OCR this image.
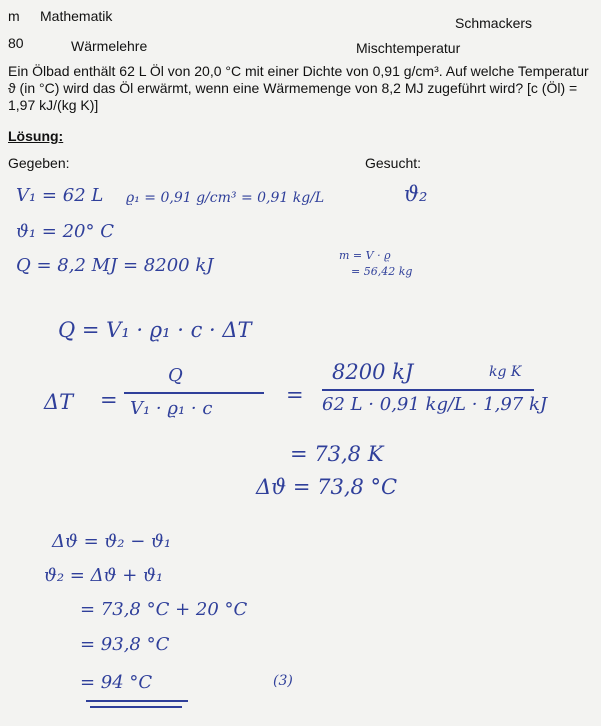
m Mathematik	Schmackers
80	Wärmelehre	Mischtemperatur
Ein Ölbad enthält 62 L Öl von 20,0 °C mit einer Dichte von 0,91 g/cm³. Auf welche Temperatur ϑ (in °C) wird das Öl erwärmt, wenn eine Wärmemenge von 8,2 MJ zugeführt wird? [c (Öl) = 1,97 kJ/(kg K)]
Lösung:
Gegeben:	Gesucht:
V₁ = 62 L ϱ₁ = 0,91 g/cm³ = 0,91 kg/L
ϑ₁ = 20° C
Q = 8,2 MJ = 8200 kJ
ϑ₂
m = V · ϱ
= 56,42 kg
Q = V₁ · ϱ₁ · c · ΔT
ΔT =
Q
V₁ · ϱ₁ · c
=
8200 kJ	kg K
62 L · 0,91 kg/L · 1,97 kJ
= 73,8 K
Δϑ = 73,8 °C
Δϑ = ϑ₂ − ϑ₁
ϑ₂ = Δϑ + ϑ₁
= 73,8 °C + 20 °C
= 93,8 °C
= 94 °C	(3)
